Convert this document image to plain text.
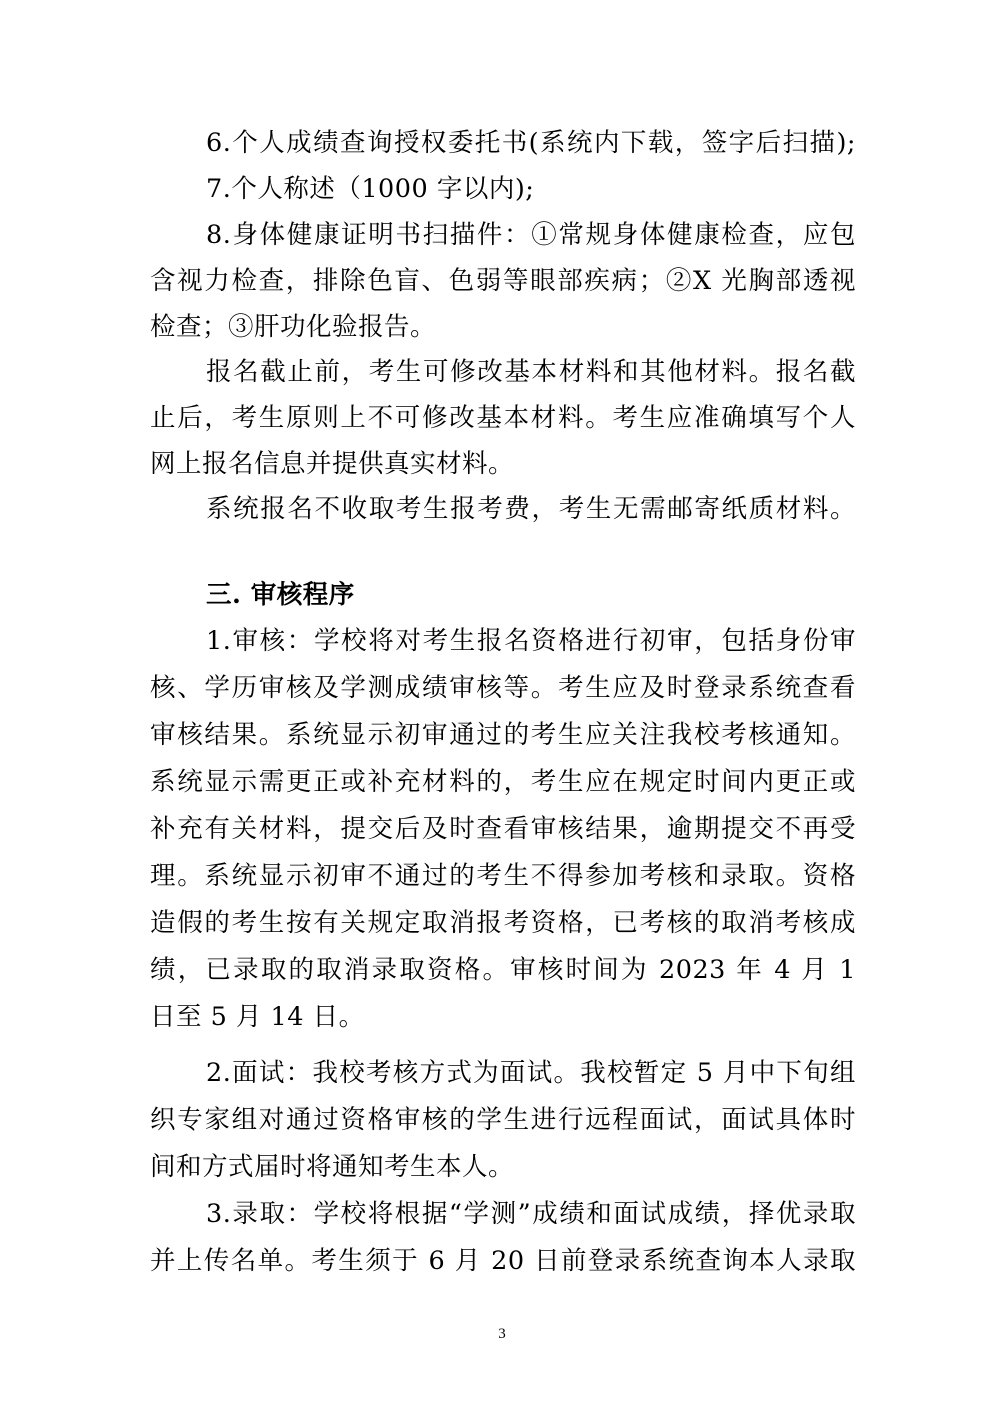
6.个人成绩查询授权委托书(系统内下载，签字后扫描);
7.个人称述（1000 字以内);
8.身体健康证明书扫描件：①常规身体健康检查，应包
含视力检查，排除色盲、色弱等眼部疾病；②X 光胸部透视
检查；③肝功化验报告。
报名截止前，考生可修改基本材料和其他材料。报名截
止后，考生原则上不可修改基本材料。考生应准确填写个人
网上报名信息并提供真实材料。
系统报名不收取考生报考费，考生无需邮寄纸质材料。
三. 审核程序
1.审核：学校将对考生报名资格进行初审，包括身份审
核、学历审核及学测成绩审核等。考生应及时登录系统查看
审核结果。系统显示初审通过的考生应关注我校考核通知。
系统显示需更正或补充材料的，考生应在规定时间内更正或
补充有关材料，提交后及时查看审核结果，逾期提交不再受
理。系统显示初审不通过的考生不得参加考核和录取。资格
造假的考生按有关规定取消报考资格，已考核的取消考核成
绩，已录取的取消录取资格。审核时间为 2023 年 4 月 1
日至 5 月 14 日。
2.面试：我校考核方式为面试。我校暂定 5 月中下旬组
织专家组对通过资格审核的学生进行远程面试，面试具体时
间和方式届时将通知考生本人。
3.录取：学校将根据“学测”成绩和面试成绩，择优录取
并上传名单。考生须于 6 月 20 日前登录系统查询本人录取
3
